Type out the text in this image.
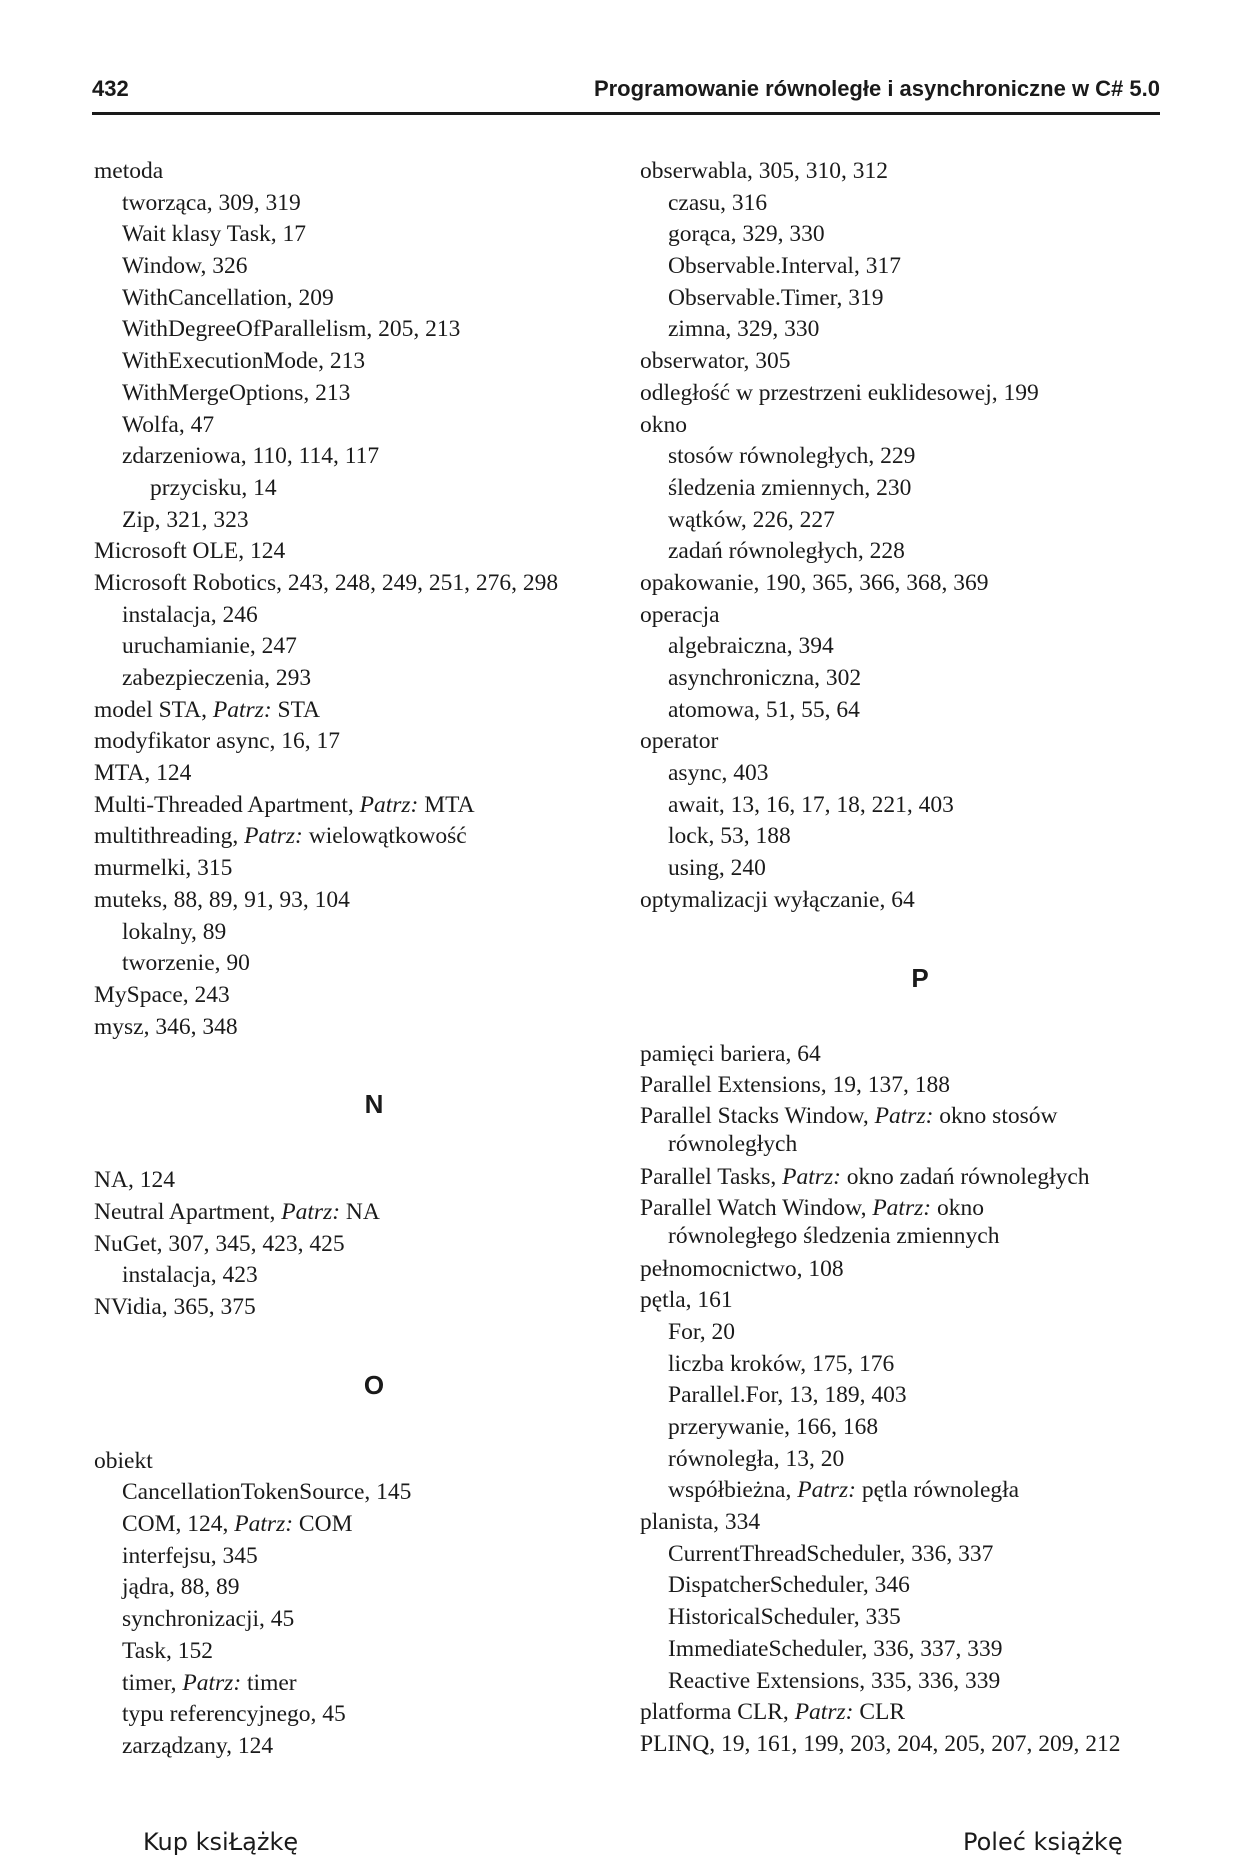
432	Programowanie równoległe i asynchroniczne w C# 5.0
metoda
tworząca, 309, 319
Wait klasy Task, 17
Window, 326
WithCancellation, 209
WithDegreeOfParallelism, 205, 213
WithExecutionMode, 213
WithMergeOptions, 213
Wolfa, 47
zdarzeniowa, 110, 114, 117
przycisku, 14
Zip, 321, 323
Microsoft OLE, 124
Microsoft Robotics, 243, 248, 249, 251, 276, 298
instalacja, 246
uruchamianie, 247
zabezpieczenia, 293
model STA, Patrz: STA
modyfikator async, 16, 17
MTA, 124
Multi-Threaded Apartment, Patrz: MTA
multithreading, Patrz: wielowątkowość
murmelki, 315
muteks, 88, 89, 91, 93, 104
lokalny, 89
tworzenie, 90
MySpace, 243
mysz, 346, 348
N
NA, 124
Neutral Apartment, Patrz: NA
NuGet, 307, 345, 423, 425
instalacja, 423
NVidia, 365, 375
O
obiekt
CancellationTokenSource, 145
COM, 124, Patrz: COM
interfejsu, 345
jądra, 88, 89
synchronizacji, 45
Task, 152
timer, Patrz: timer
typu referencyjnego, 45
zarządzany, 124
obserwabla, 305, 310, 312
czasu, 316
gorąca, 329, 330
Observable.Interval, 317
Observable.Timer, 319
zimna, 329, 330
obserwator, 305
odległość w przestrzeni euklidesowej, 199
okno
stosów równoległych, 229
śledzenia zmiennych, 230
wątków, 226, 227
zadań równoległych, 228
opakowanie, 190, 365, 366, 368, 369
operacja
algebraiczna, 394
asynchroniczna, 302
atomowa, 51, 55, 64
operator
async, 403
await, 13, 16, 17, 18, 221, 403
lock, 53, 188
using, 240
optymalizacji wyłączanie, 64
P
pamięci bariera, 64
Parallel Extensions, 19, 137, 188
Parallel Stacks Window, Patrz: okno stosów
równoległych
Parallel Tasks, Patrz: okno zadań równoległych
Parallel Watch Window, Patrz: okno
równoległego śledzenia zmiennych
pełnomocnictwo, 108
pętla, 161
For, 20
liczba kroków, 175, 176
Parallel.For, 13, 189, 403
przerywanie, 166, 168
równoległa, 13, 20
współbieżna, Patrz: pętla równoległa
planista, 334
CurrentThreadScheduler, 336, 337
DispatcherScheduler, 346
HistoricalScheduler, 335
ImmediateScheduler, 336, 337, 339
Reactive Extensions, 335, 336, 339
platforma CLR, Patrz: CLR
PLINQ, 19, 161, 199, 203, 204, 205, 207, 209, 212
Kup ksiŁążkę	Poleć książkę
